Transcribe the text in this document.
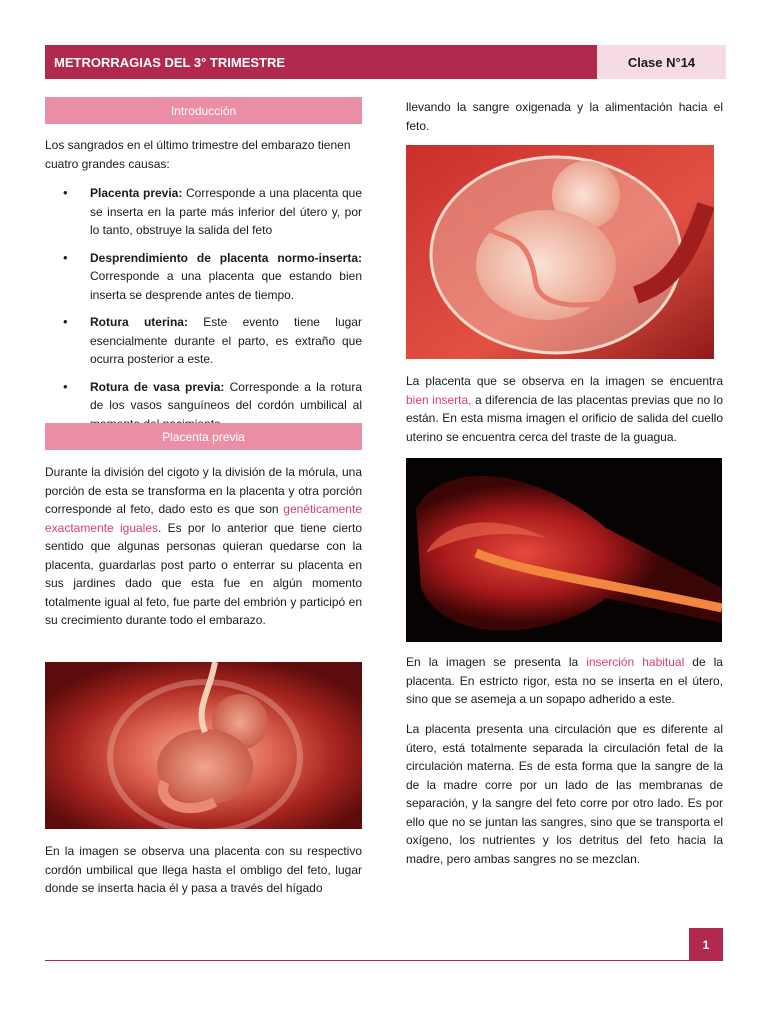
METRORRAGIAS DEL 3° TRIMESTRE	Clase N°14
Introducción

Los sangrados en el último trimestre del embarazo tienen cuatro grandes causas:

• Placenta previa: Corresponde a una placenta que se inserta en la parte más inferior del útero y, por lo tanto, obstruye la salida del feto
• Desprendimiento de placenta normo-inserta: Corresponde a una placenta que estando bien inserta se desprende antes de tiempo.
• Rotura uterina: Este evento tiene lugar esencialmente durante el parto, es extraño que ocurra posterior a este.
• Rotura de vasa previa: Corresponde a la rotura de los vasos sanguíneos del cordón umbilical al
Placenta previa

Durante la división del cigoto y la división de la mórula, una porción de esta se transforma en la placenta y otra porción corresponde al feto, dado esto es que son genéticamente exactamente iguales. Es por lo anterior que tiene cierto sentido que algunas personas quieran quedarse con la placenta, guardarlas post parto o enterrar su placenta en sus jardines dado que esta fue en algún momento totalmente igual al feto, fue parte del embrión y participó en su crecimiento durante todo el embarazo.

En la imagen se observa una placenta con su respectivo cordón umbilical que llega hasta el ombligo del feto, lugar donde se inserta hacia él y pasa a través del hígado

llevando la sangre oxigenada y la alimentación hacia el feto.

La placenta que se observa en la imagen se encuentra bien inserta, a diferencia de las placentas previas que no lo están. En esta misma imagen el orificio de salida del cuello uterino se encuentra cerca del traste de la guagua.

En la imagen se presenta la inserción habitual de la placenta. En estricto rigor, esta no se inserta en el útero, sino que se asemeja a un sopapo adherido a este.

La placenta presenta una circulación que es diferente al útero, está totalmente separada la circulación fetal de la circulación materna. Es de esta forma que la sangre de la de la madre corre por un lado de las membranas de separación, y la sangre del feto corre por otro lado. Es por ello que no se juntan las sangres, sino que se transporta el oxígeno, los nutrientes y los detritus del feto hacia la madre, pero ambas sangres no se mezclan.

1
